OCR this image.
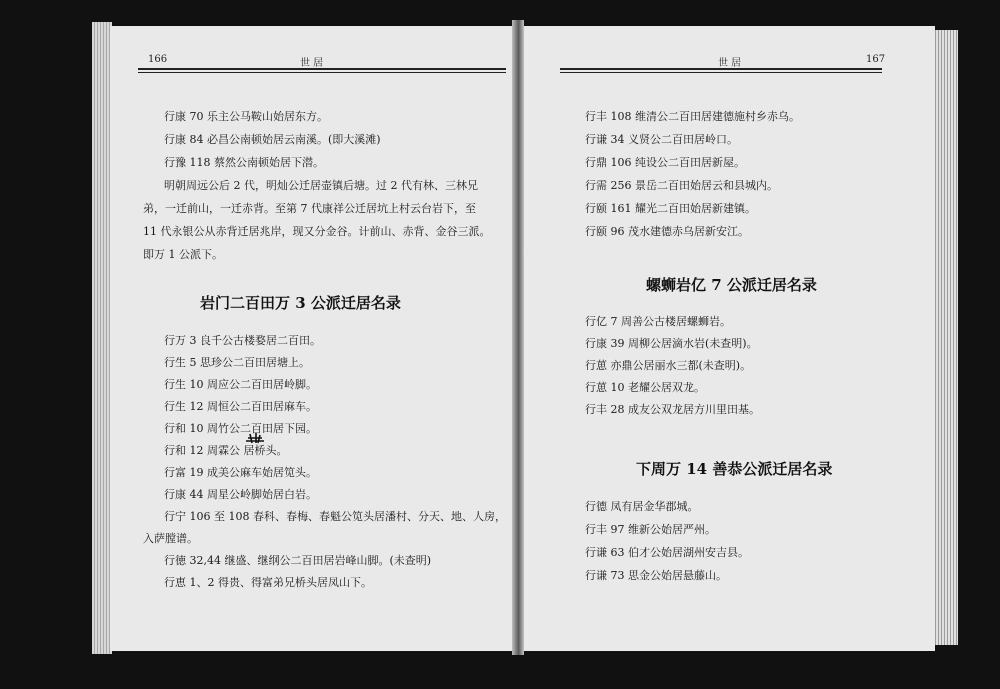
166	世 居	世 居	167
行康 70 乐主公马鞍山始居东方。
行康 84 必昌公南顿始居云南溪。(即大溪滩)
行豫 118 蔡然公南顿始居下潜。
明朝周远公后 2 代，明灿公迁居壶镇后塘。过 2 代有林、三林兄
弟，一迁前山，一迁赤背。至第 7 代康祥公迁居坑上村云台岩下，至
11 代永银公从赤背迁居兆岸，现又分金谷。计前山、赤背、金谷三派。
即万 1 公派下。
岩门二百田万 3 公派迁居名录
行万 3 良千公古楼婺居二百田。
行生 5 思珍公二百田居塘上。
行生 10 周应公二百田居岭脚。
行生 12 周恒公二百田居麻车。
行和 10 周竹公二百田居下园。
行和 12 周霖公 居桥头。
行富 19 成美公麻车始居笕头。
行康 44 周星公岭脚始居白岩。
行宁 106 至 108 春科、春梅、春魁公笕头居潘村、分天、地、人房，
入萨膛谱。
行徳 32,44 继盛、继纲公二百田居岩峰山脚。(未查明)
行恵 1、2 得贵、得富弟兄桥头居凤山下。
行丰 108 维清公二百田居建德施村乡赤乌。
行谦 34 义贤公二百田居岭口。
行鼎 106 纯设公二百田居新屋。
行需 256 景岳二百田始居云和县城内。
行颐 161 耀光二百田始居新建镇。
行颐 96 茂水建德赤乌居新安江。
螺蛳岩亿 7 公派迁居名录
行亿 7 周善公古楼居螺蛳岩。
行康 39 周柳公居滴水岩(未查明)。
行葸 亦鼎公居丽水三都(未查明)。
行葸 10 老耀公居双龙。
行丰 28 成友公双龙居方川里田基。
下周万 14 善恭公派迁居名录
行德 凤有居金华郡城。
行丰 97 维新公始居严州。
行谦 63 伯才公始居湖州安吉县。
行谦 73 思金公始居悬藤山。
